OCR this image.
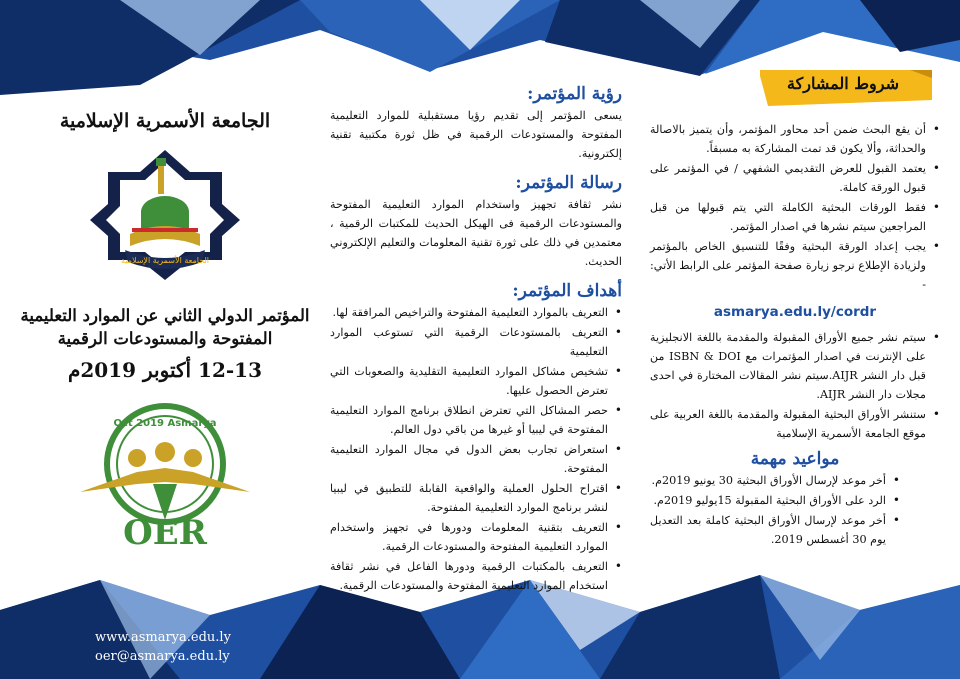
الجامعة الأسمرية الإسلامية
الجامعة الأسمرية الإسلامية
المؤتمر الدولي الثاني عن الموارد التعليمية
المفتوحة والمستودعات الرقمية
12-13 أكتوبر 2019م
Oct 2019 Asmarya
OER
www.asmarya.edu.ly
oer@asmarya.edu.ly
رؤية المؤتمر:

يسعى المؤتمر إلى تقديم رؤيا مستقبلية للموارد التعليمية المفتوحة والمستودعات الرقمية في ظل ثورة مكتبية تقنية إلكترونية.

رسالة المؤتمر:

نشر ثقافة تجهيز واستخدام الموارد التعليمية المفتوحة والمستودعات الرقمية فى الهيكل الحديث للمكتبات الرقمية ، معتمدين في ذلك على ثورة تقنية المعلومات والتعليم الإلكتروني الحديث.

أهداف المؤتمر:
•
التعريف بالموارد التعليمية المفتوحة والتراخيص المرافقة لها.
•
التعريف بالمستودعات الرقمية التي تستوعب الموارد التعليمية
•
تشخيص مشاكل الموارد التعليمية التقليدية والصعوبات التي تعترض الحصول عليها.
•
حصر المشاكل التي تعترض انطلاق برنامج الموارد التعليمية المفتوحة في ليبيا أو غيرها من باقي دول العالم.
•
استعراض تجارب بعض الدول في مجال الموارد التعليمية المفتوحة.
•
اقتراح الحلول العملية والواقعية القابلة للتطبيق في ليبيا لنشر برنامج الموارد التعليمية المفتوحة.
•
التعريف بتقنية المعلومات ودورها في تجهيز واستخدام الموارد التعليمية المفتوحة والمستودعات الرقمية.
•
التعريف بالمكتبات الرقمية ودورها الفاعل في نشر ثقافة استخدام الموارد التعليمية المفتوحة والمستودعات الرقمية.
شروط المشاركة
•
أن يقع البحث ضمن أحد محاور المؤتمر، وأن يتميز بالاصالة والحداثة، وألا يكون قد تمت المشاركة به مسبقاً.
•
يعتمد القبول للعرض التقديمي الشفهي / في المؤتمر على قبول الورقة كاملة.
•
فقط الورقات البحثية الكاملة التي يتم قبولها من قبل المراجعين سيتم نشرها في اصدار المؤتمر.
•
يجب إعداد الورقة البحثية وفقًا للتنسيق الخاص بالمؤتمر ولزيادة الإطلاع نرجو زيارة صفحة المؤتمر على الرابط الأتي: -
asmarya.edu.ly/cordr
•
سيتم نشر جميع الأوراق المقبولة والمقدمة باللغة الانجليزية على الإنترنت في اصدار المؤتمرات مع ISBN & DOI من قبل دار النشر AIJR.سيتم نشر المقالات المختارة في احدى مجلات دار النشر AIJR.
•
ستنشر الأوراق البحثية المقبولة والمقدمة باللغة العربية على موقع الجامعة الأسمرية الإسلامية
مواعيد مهمة
•
أخر موعد لإرسال الأوراق البحثية 30 يونيو 2019م.
•
الرد على الأوراق البحثية المقبولة 15يوليو 2019م.
•
أخر موعد لإرسال الأوراق البحثية كاملة بعد التعديل يوم 30 أغسطس 2019.
